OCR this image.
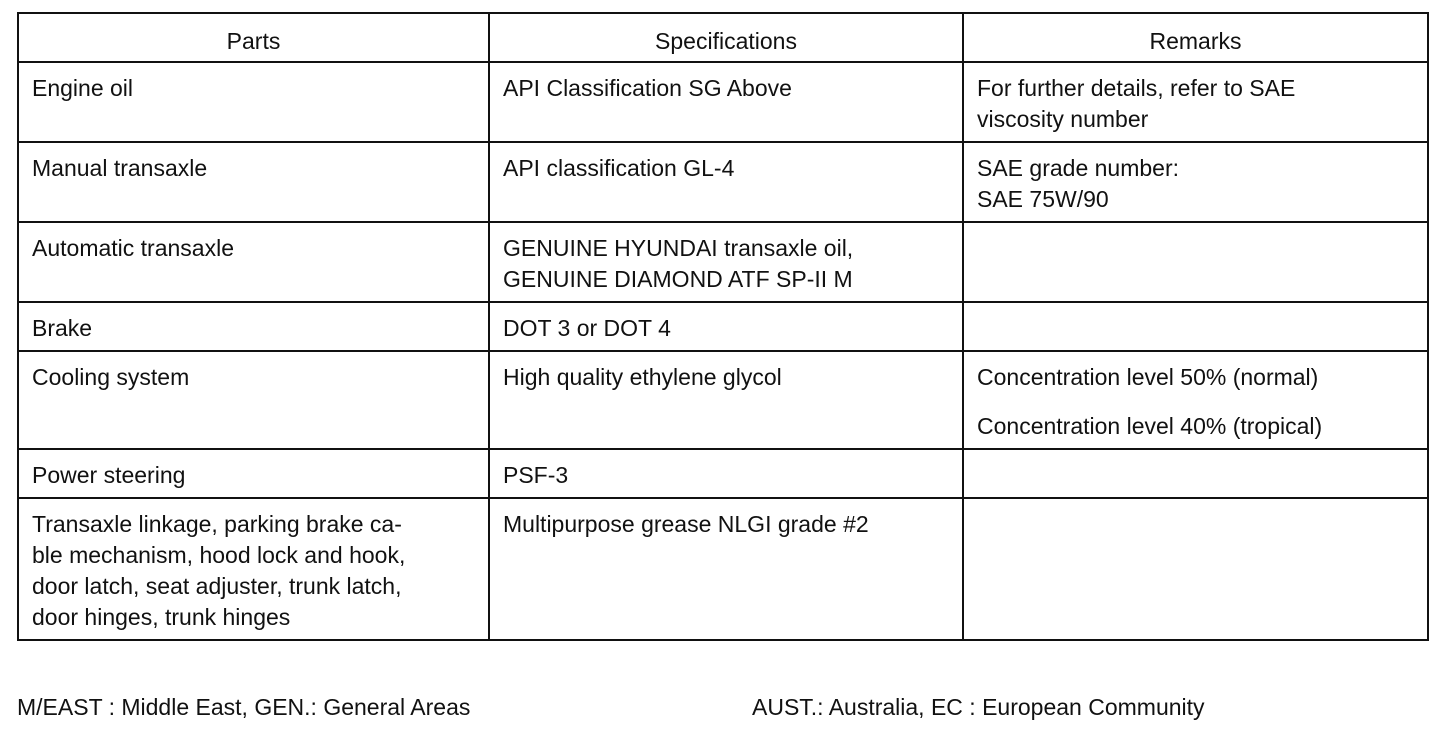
Parts	Specifications	Remarks

Engine oil	API Classification SG Above	For further details, refer to SAE
viscosity number

Manual transaxle	API classification GL-4	SAE grade number:
SAE 75W/90

Automatic transaxle	GENUINE HYUNDAI transaxle oil,
GENUINE DIAMOND ATF SP-II M	

Brake	DOT 3 or DOT 4	

Cooling system	High quality ethylene glycol	Concentration level 50% (normal)
Concentration level 40% (tropical)

Power steering	PSF-3	

Transaxle linkage, parking brake ca-
ble mechanism, hood lock and hook,
door latch, seat adjuster, trunk latch,
door hinges, trunk hinges	Multipurpose grease NLGI grade #2	

M/EAST : Middle East, GEN.: General Areas	AUST.: Australia, EC : European Community
